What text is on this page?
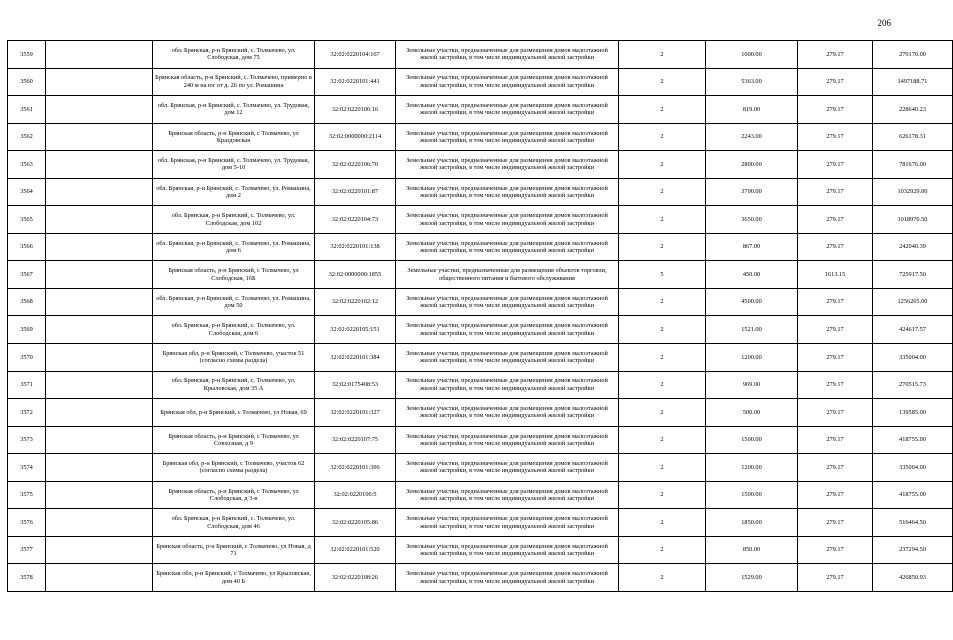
206
3559		обл. Брянская, р-н Брянский, с. Толмачево, ул. Слободская, дом 75	32:02:0220104:167	Земельные участки, предназначенные для размещения домов малоэтажной жилой застройки, в том числе индивидуальной жилой застройки	2	1000.00	279.17	279170.00
3560		Брянская область, р-н Брянский, с. Толмачево, примерно в 240 м на юг от д. 26 по ул. Ромашина	32:02:0220101:441	Земельные участки, предназначенные для размещения домов малоэтажной жилой застройки, в том числе индивидуальной жилой застройки	2	5363.00	279.17	1497188.71
3561		обл. Брянская, р-н Брянский, с. Толмачево, ул. Трудовая, дом 12	32:02:0220106:16	Земельные участки, предназначенные для размещения домов малоэтажной жилой застройки, в том числе индивидуальной жилой застройки	2	819.00	279.17	228640.23
3562		Брянская область, р-н Брянский, с Толмачево, ул Краздовская	32:02:0000000:2114	Земельные участки, предназначенные для размещения домов малоэтажной жилой застройки, в том числе индивидуальной жилой застройки	2	2243.00	279.17	626178.31
3563		обл. Брянская, р-н Брянский, с. Толмачево, ул. Трудовая, дом 5-10	32:02:0220106:70	Земельные участки, предназначенные для размещения домов малоэтажной жилой застройки, в том числе индивидуальной жилой застройки	2	2800.00	279.17	781676.00
3564		обл. Брянская, р-н Брянский, с. Толмачево, ул. Ромашина, дом 2	32:02:0220101:87	Земельные участки, предназначенные для размещения домов малоэтажной жилой застройки, в том числе индивидуальной жилой застройки	2	3700.00	279.17	1032929.00
3565		обл. Брянская, р-н Брянский, с. Толмачево, ул. Слободская, дом 102	32:02:0220104:73	Земельные участки, предназначенные для размещения домов малоэтажной жилой застройки, в том числе индивидуальной жилой застройки	2	3650.00	279.17	1018970.50
3566		обл. Брянская, р-н Брянский, с. Толмачево, ул. Ромашина, дом 6	32:02:0220101:138	Земельные участки, предназначенные для размещения домов малоэтажной жилой застройки, в том числе индивидуальной жилой застройки	2	867.00	279.17	242040.39
3567		Брянская область, р-н Брянский, с Толмачево, ул Слободская, 16Б	32:02:0000000:1855	Земельные участки, предназначенные для размещения объектов торговли, общественного питания и бытового обслуживания	5	450.00	1613.15	725917.50
3568		обл. Брянская, р-н Брянский, с. Толмачево, ул. Ромашина, дом 50	32:02:0220102:12	Земельные участки, предназначенные для размещения домов малоэтажной жилой застройки, в том числе индивидуальной жилой застройки	2	4500.00	279.17	1256265.00
3569		обл. Брянская, р-н Брянский, с. Толмачево, ул. Слободская, дом 6	32:02:0220105:151	Земельные участки, предназначенные для размещения домов малоэтажной жилой застройки, в том числе индивидуальной жилой застройки	2	1521.00	279.17	424617.57
3570		Брянская обл, р-н Брянский, с Толмачево, участок 51 (согласно схемы раздела)	32:02:0220101:384	Земельные участки, предназначенные для размещения домов малоэтажной жилой застройки, в том числе индивидуальной жилой застройки	2	1200.00	279.17	335004.00
3571		обл. Брянская, р-н Брянский, с. Толмачево, ул. Крыловская, дом 35 А	32:02:0175408:53	Земельные участки, предназначенные для размещения домов малоэтажной жилой застройки, в том числе индивидуальной жилой застройки	2	969.00	279.17	270515.73
3572		Брянская обл, р-н Брянский, с Толмачево, ул Новая, 69	32:02:0220101:327	Земельные участки, предназначенные для размещения домов малоэтажной жилой застройки, в том числе индивидуальной жилой застройки	2	500.00	279.17	139585.00
3573		Брянская область, р-н Брянский, с Толмачево, ул Совхозная, д 9	32:02:0220107:75	Земельные участки, предназначенные для размещения домов малоэтажной жилой застройки, в том числе индивидуальной жилой застройки	2	1500.00	279.17	418755.00
3574		Брянская обл, р-н Брянский, с Толмачево, участок 62 (согласно схемы раздела)	32:02:0220101:396	Земельные участки, предназначенные для размещения домов малоэтажной жилой застройки, в том числе индивидуальной жилой застройки	2	1200.00	279.17	335004.00
3575		Брянская область, р-н Брянский, с Толмачево, ул Слободская, д 3-в	32:02:0220106:5	Земельные участки, предназначенные для размещения домов малоэтажной жилой застройки, в том числе индивидуальной жилой застройки	2	1500.00	279.17	418755.00
3576		обл. Брянская, р-н Брянский, с. Толмачево, ул. Слободская, дом 46	32:02:0220105:86	Земельные участки, предназначенные для размещения домов малоэтажной жилой застройки, в том числе индивидуальной жилой застройки	2	1850.00	279.17	516464.50
3577		Брянская область, р-н Брянский, с Толмачево, ул Новая, д 71	32:02:0220101:520	Земельные участки, предназначенные для размещения домов малоэтажной жилой застройки, в том числе индивидуальной жилой застройки	2	850.00	279.17	237294.50
3578		Брянская обл, р-н Брянский, с Толмачево, ул Крыловская, дом 40 Б	32:02:0220108:26	Земельные участки, предназначенные для размещения домов малоэтажной жилой застройки, в том числе индивидуальной жилой застройки	2	1529.00	279.17	426850.93
